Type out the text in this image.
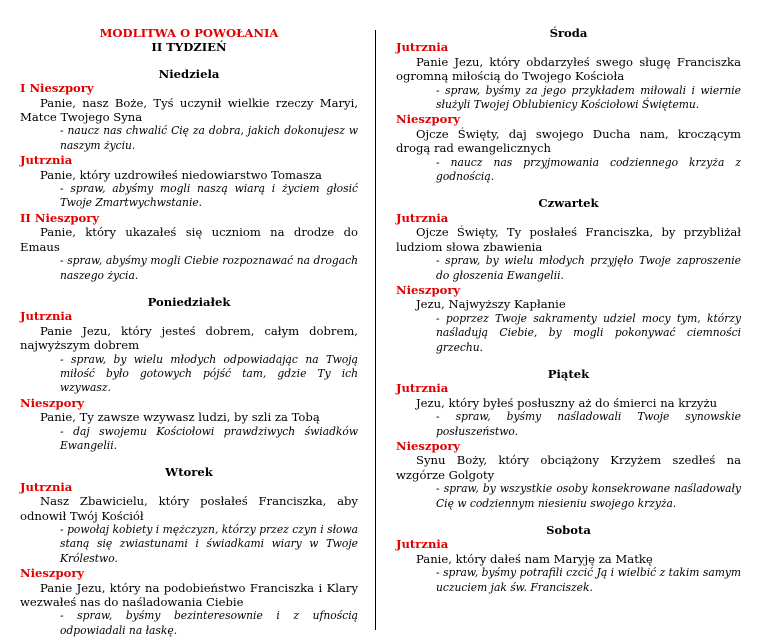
MODLITWA O POWOŁANIA
II TYDZIEŃ
Niedziela
I Nieszpory
Panie, nasz Boże, Tyś uczynił wielkie rzeczy Maryi, Matce Twojego Syna
- naucz nas chwalić Cię za dobra, jakich dokonujesz w naszym życiu.
Jutrznia
Panie, który uzdrowiłeś niedowiarstwo Tomasza
- spraw, abyśmy mogli naszą wiarą i życiem głosić Twoje Zmartwychwstanie.
II Nieszpory
Panie, który ukazałeś się uczniom na drodze do Emaus
- spraw, abyśmy mogli Ciebie rozpoznawać na drogach naszego życia.
Poniedziałek
Jutrznia
Panie Jezu, który jesteś dobrem, całym dobrem, najwyższym dobrem
- spraw, by wielu młodych odpowiadając na Twoją miłość było gotowych pójść tam, gdzie Ty ich wzywasz.
Nieszpory
Panie, Ty zawsze wzywasz ludzi, by szli za Tobą
- daj swojemu Kościołowi prawdziwych świadków Ewangelii.
Wtorek
Jutrznia
Nasz Zbawicielu, który posłałeś Franciszka, aby odnowił Twój Kościół
- powołaj kobiety i mężczyzn, którzy przez czyn i słowa staną się zwiastunami i świadkami wiary w Twoje Królestwo.
Nieszpory
Panie Jezu, który na podobieństwo Franciszka i Klary wezwałeś nas do naśladowania Ciebie
- spraw, byśmy bezinteresownie i z ufnością odpowiadali na łaskę.
Środa
Jutrznia
Panie Jezu, który obdarzyłeś swego sługę Franciszka ogromną miłością do Twojego Kościoła
- spraw, byśmy za jego przykładem miłowali i wiernie służyli Twojej Oblubienicy Kościołowi Świętemu.
Nieszpory
Ojcze Święty, daj swojego Ducha nam, kroczącym drogą rad ewangelicznych
- naucz nas przyjmowania codziennego krzyża z godnością.
Czwartek
Jutrznia
Ojcze Święty, Ty posłałeś Franciszka, by przybliżał ludziom słowa zbawienia
- spraw, by wielu młodych przyjęło Twoje zaproszenie do głoszenia Ewangelii.
Nieszpory
Jezu, Najwyższy Kapłanie
- poprzez Twoje sakramenty udziel mocy tym, którzy naśladują Ciebie, by mogli pokonywać ciemności grzechu.
Piątek
Jutrznia
Jezu, który byłeś posłuszny aż do śmierci na krzyżu
- spraw, byśmy naśladowali Twoje synowskie posłuszeństwo.
Nieszpory
Synu Boży, który obciążony Krzyżem szedłeś na wzgórze Golgoty
- spraw, by wszystkie osoby konsekrowane naśladowały Cię w codziennym niesieniu swojego krzyża.
Sobota
Jutrznia
Panie, który dałeś nam Maryję za Matkę
- spraw, byśmy potrafili czcić Ją i wielbić z takim samym uczuciem jak św. Franciszek.
